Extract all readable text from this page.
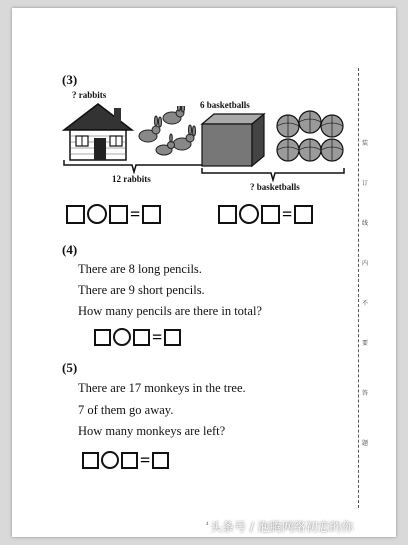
(3)
? rabbits
12 rabbits
6 basketballs
? basketballs
=	=
(4)
There are 8 long pencils.
There are 9 short pencils.
How many pencils are there in total?
=
(5)
There are 17 monkeys in the tree.
7 of them go away.
How many monkeys are left?
=
装
订
线
内
不
要
答
题
4 头条号 / 泡腾网络初恋的你
